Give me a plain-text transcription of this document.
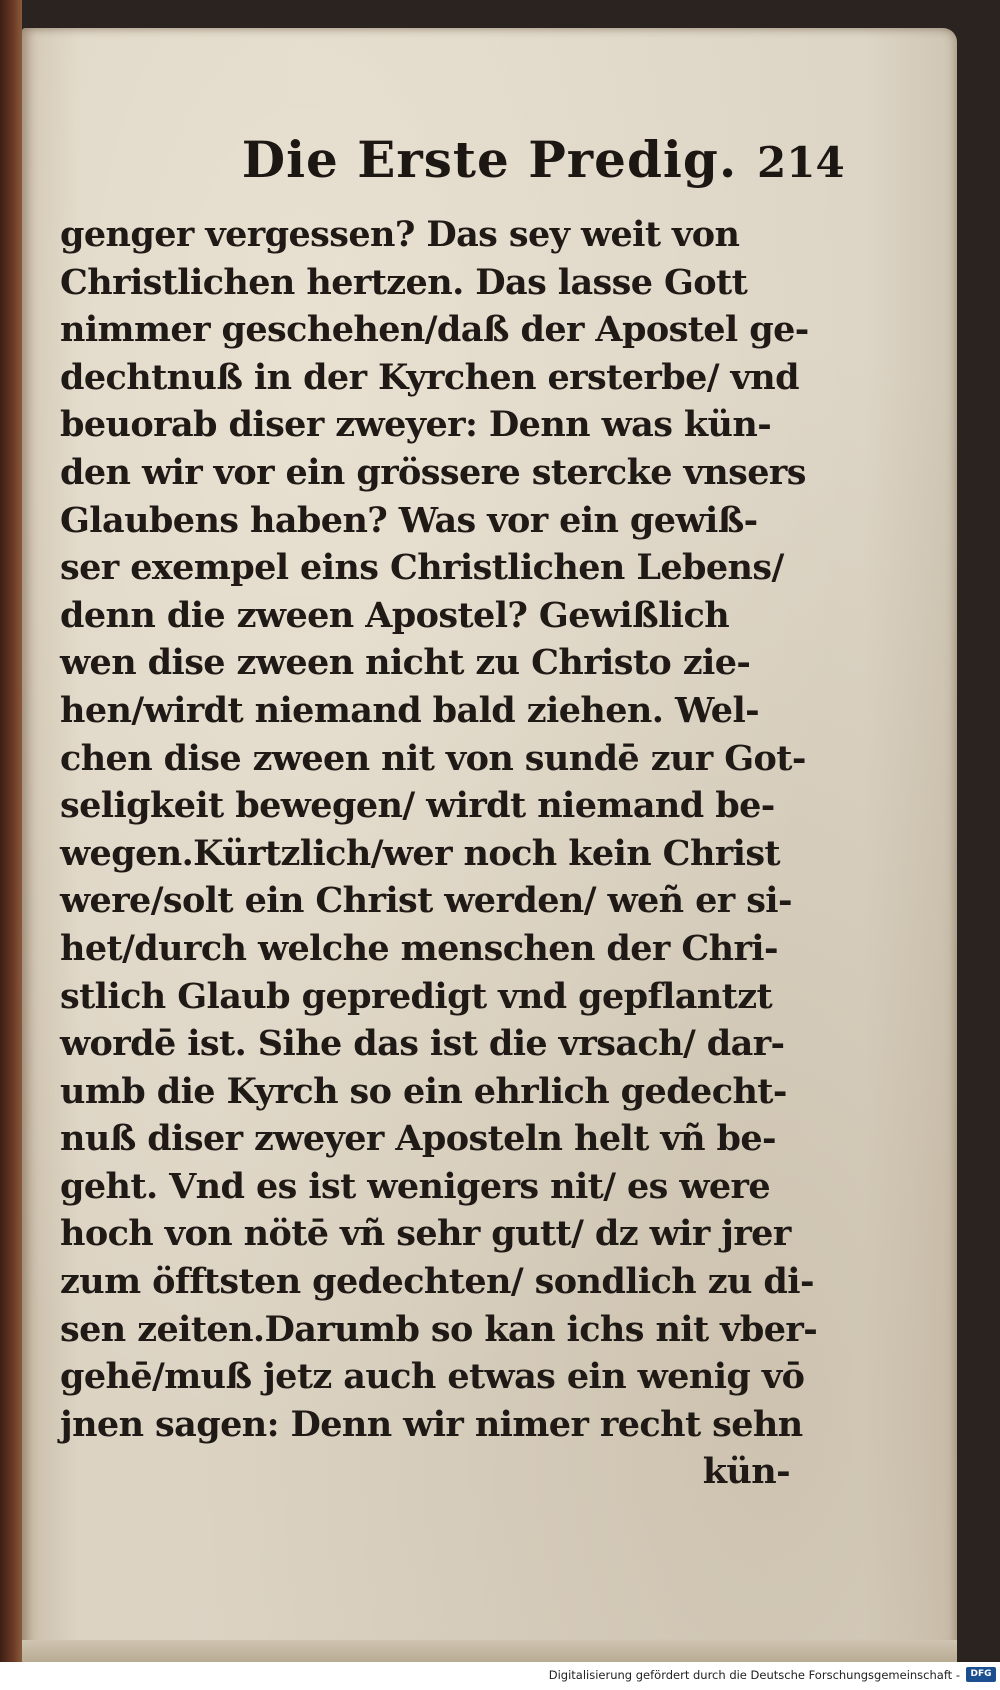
Die Erste Predig. 214
genger vergessen? Das sey weit von
Christlichen hertzen. Das lasse Gott
nimmer geschehen/daß der Apostel ge-
dechtnuß in der Kyrchen ersterbe/ vnd
beuorab diser zweyer: Denn was kün-
den wir vor ein grössere stercke vnsers
Glaubens haben? Was vor ein gewiß-
ser exempel eins Christlichen Lebens/
denn die zween Apostel? Gewißlich
wen dise zween nicht zu Christo zie-
hen/wirdt niemand bald ziehen. Wel-
chen dise zween nit von sundē zur Got-
seligkeit bewegen/ wirdt niemand be-
wegen.Kürtzlich/wer noch kein Christ
were/solt ein Christ werden/ weñ er si-
het/durch welche menschen der Chri-
stlich Glaub gepredigt vnd gepflantzt
wordē ist. Sihe das ist die vrsach/ dar-
umb die Kyrch so ein ehrlich gedecht-
nuß diser zweyer Aposteln helt vñ be-
geht. Vnd es ist wenigers nit/ es were
hoch von nötē vñ sehr gutt/ dz wir jrer
zum öfftsten gedechten/ sondlich zu di-
sen zeiten.Darumb so kan ichs nit vber-
gehē/muß jetz auch etwas ein wenig vō
jnen sagen: Denn wir nimer recht sehn
kün-
Digitalisierung gefördert durch die Deutsche Forschungsgemeinschaft -	DFG
